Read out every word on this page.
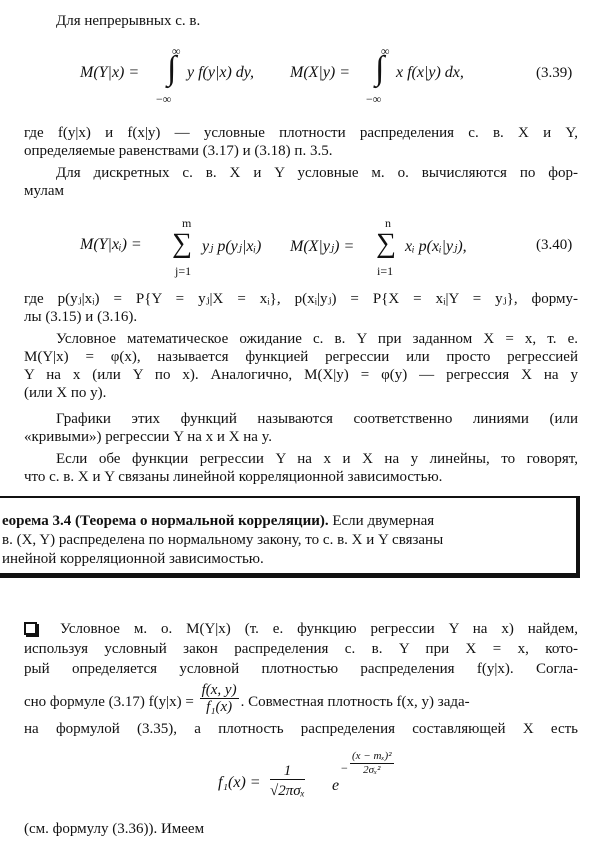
Для непрерывных с. в.
M(Y|x) = ∫
∞
−∞
y f(y|x) dy, M(X|y) = ∫
∞
−∞
x f(x|y) dx,	(3.39)
где f(y|x) и f(x|y) — условные плотности распределения с. в. X и Y,
определяемые равенствами (3.17) и (3.18) п. 3.5.
Для дискретных с. в. X и Y условные м. о. вычисляются по фор-
мулам
M(Y|xᵢ) =
m
∑
j=1
yⱼ p(yⱼ|xᵢ) M(X|yⱼ) =
n
∑
i=1
xᵢ p(xᵢ|yⱼ),	(3.40)
где p(yⱼ|xᵢ) = P{Y = yⱼ|X = xᵢ}, p(xᵢ|yⱼ) = P{X = xᵢ|Y = yⱼ}, форму-
лы (3.15) и (3.16).
Условное математическое ожидание с. в. Y при заданном X = x, т. е.
M(Y|x) = φ(x), называется функцией регрессии или просто регрессией
Y на x (или Y по x). Аналогично, M(X|y) = φ(y) — регрессия X на y
(или X по y).
Графики этих функций называются соответственно линиями (или
«кривыми») регрессии Y на x и X на y.
Если обе функции регрессии Y на x и X на y линейны, то говорят,
что с. в. X и Y связаны линейной корреляционной зависимостью.
еорема 3.4 (Теорема о нормальной корреляции). Если двумерная
в. (X, Y) распределена по нормальному закону, то с. в. X и Y связаны
инейной корреляционной зависимостью.
Условное м. о. M(Y|x) (т. е. функцию регрессии Y на x) найдем,
используя условный закон распределения с. в. Y при X = x, кото-
рый определяется условной плотностью распределения f(y|x). Согла-
сно формуле (3.17) $f(y|x) = \frac{f(x, y)}{\text{f₁(x)}}$ . Совместная плотность f(x, y) зада-
на формулой (3.35), а плотность распределения составляющей X есть
f₁(x) =
1
√2πσₓ e
− $\frac{\text{(x − mₓ)²}}{\text{2σₓ²}}$
(см. формулу (3.36)). Имеем
